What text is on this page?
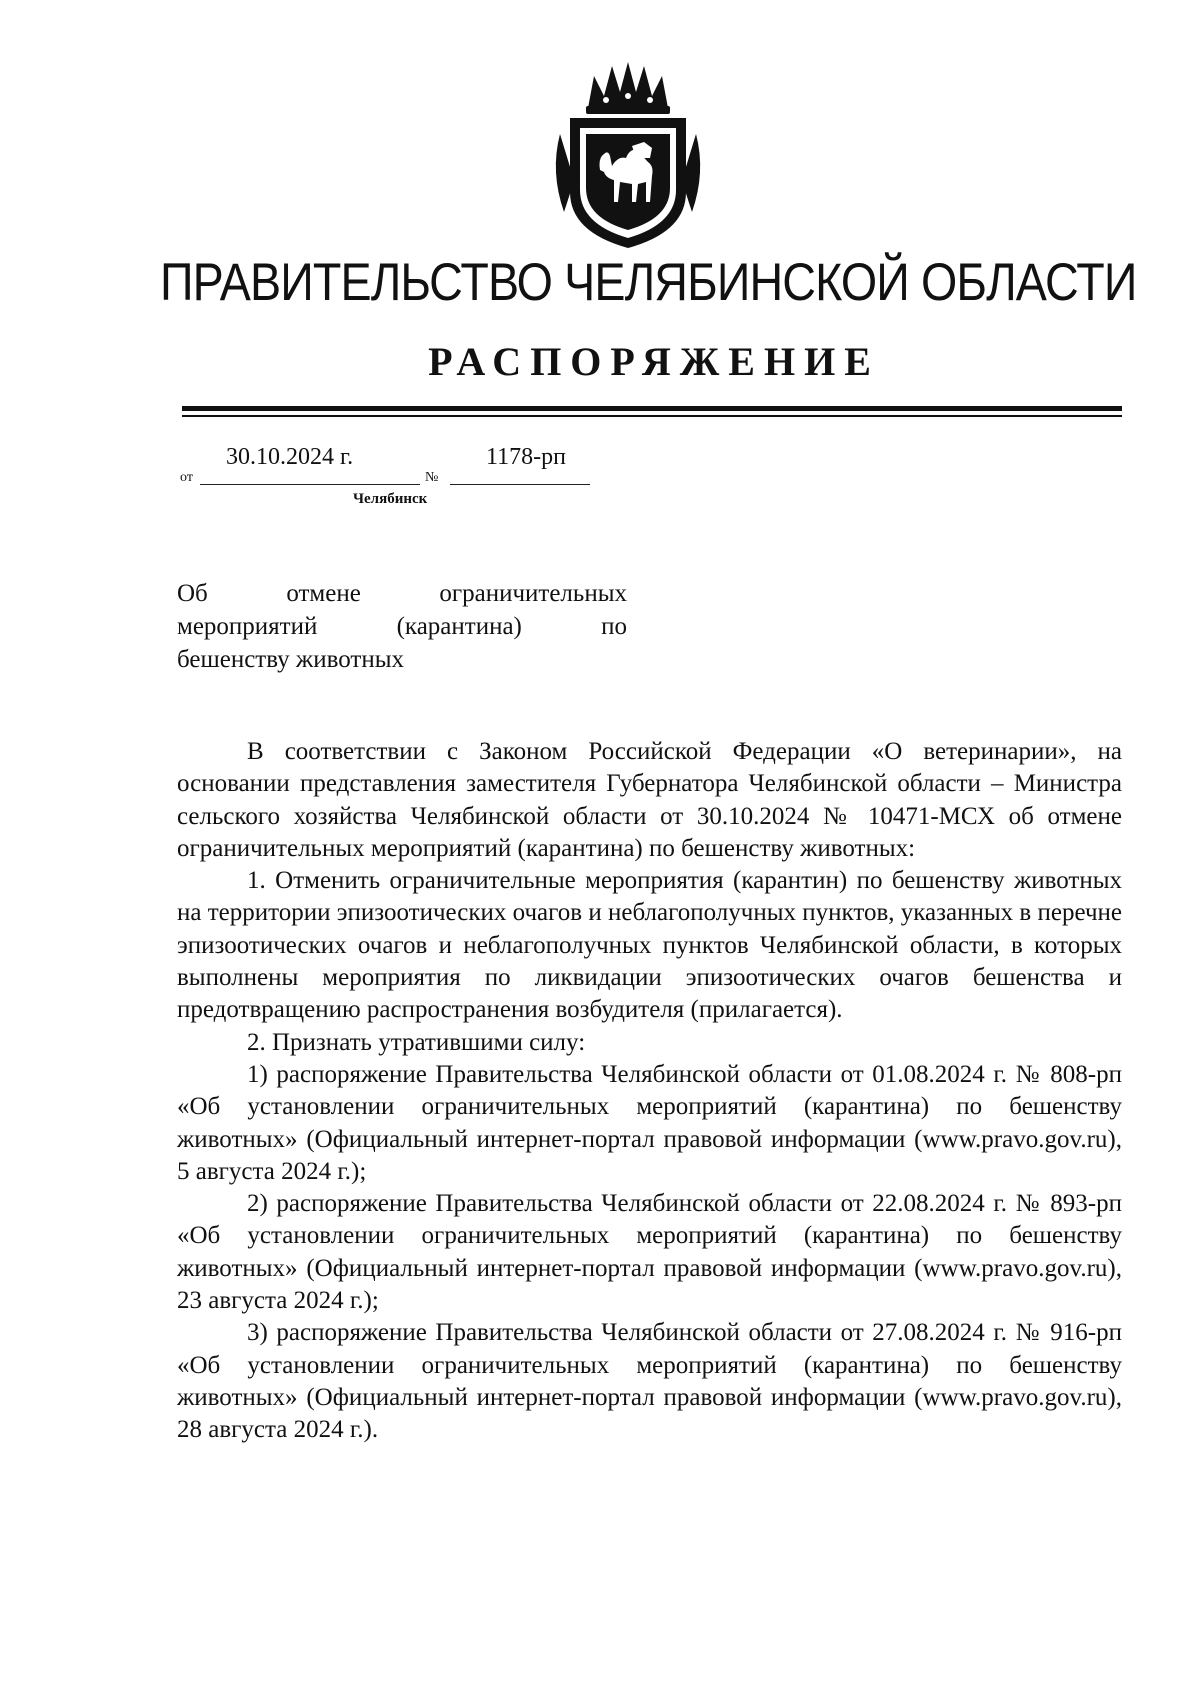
ПРАВИТЕЛЬСТВО ЧЕЛЯБИНСКОЙ ОБЛАСТИ
РАСПОРЯЖЕНИЕ
от
30.10.2024 г.
№
1178-рп
Челябинск
Об отмене ограничительных
мероприятий (карантина) по
бешенству животных

В соответствии с Законом Российской Федерации «О ветеринарии», на основании представления заместителя Губернатора Челябинской области – Министра сельского хозяйства Челябинской области от 30.10.2024 № 10471-МСХ об отмене ограничительных мероприятий (карантина) по бешенству животных:

1. Отменить ограничительные мероприятия (карантин) по бешенству животных на территории эпизоотических очагов и неблагополучных пунктов, указанных в перечне эпизоотических очагов и неблагополучных пунктов Челябинской области, в которых выполнены мероприятия по ликвидации эпизоотических очагов бешенства и предотвращению распространения возбудителя (прилагается).

2. Признать утратившими силу:

1) распоряжение Правительства Челябинской области от 01.08.2024 г. № 808-рп «Об установлении ограничительных мероприятий (карантина) по бешенству животных» (Официальный интернет-портал правовой информации (www.pravo.gov.ru), 5 августа 2024 г.);

2) распоряжение Правительства Челябинской области от 22.08.2024 г. № 893-рп «Об установлении ограничительных мероприятий (карантина) по бешенству животных» (Официальный интернет-портал правовой информации (www.pravo.gov.ru), 23 августа 2024 г.);

3) распоряжение Правительства Челябинской области от 27.08.2024 г. № 916-рп «Об установлении ограничительных мероприятий (карантина) по бешенству животных» (Официальный интернет-портал правовой информации (www.pravo.gov.ru), 28 августа 2024 г.).
